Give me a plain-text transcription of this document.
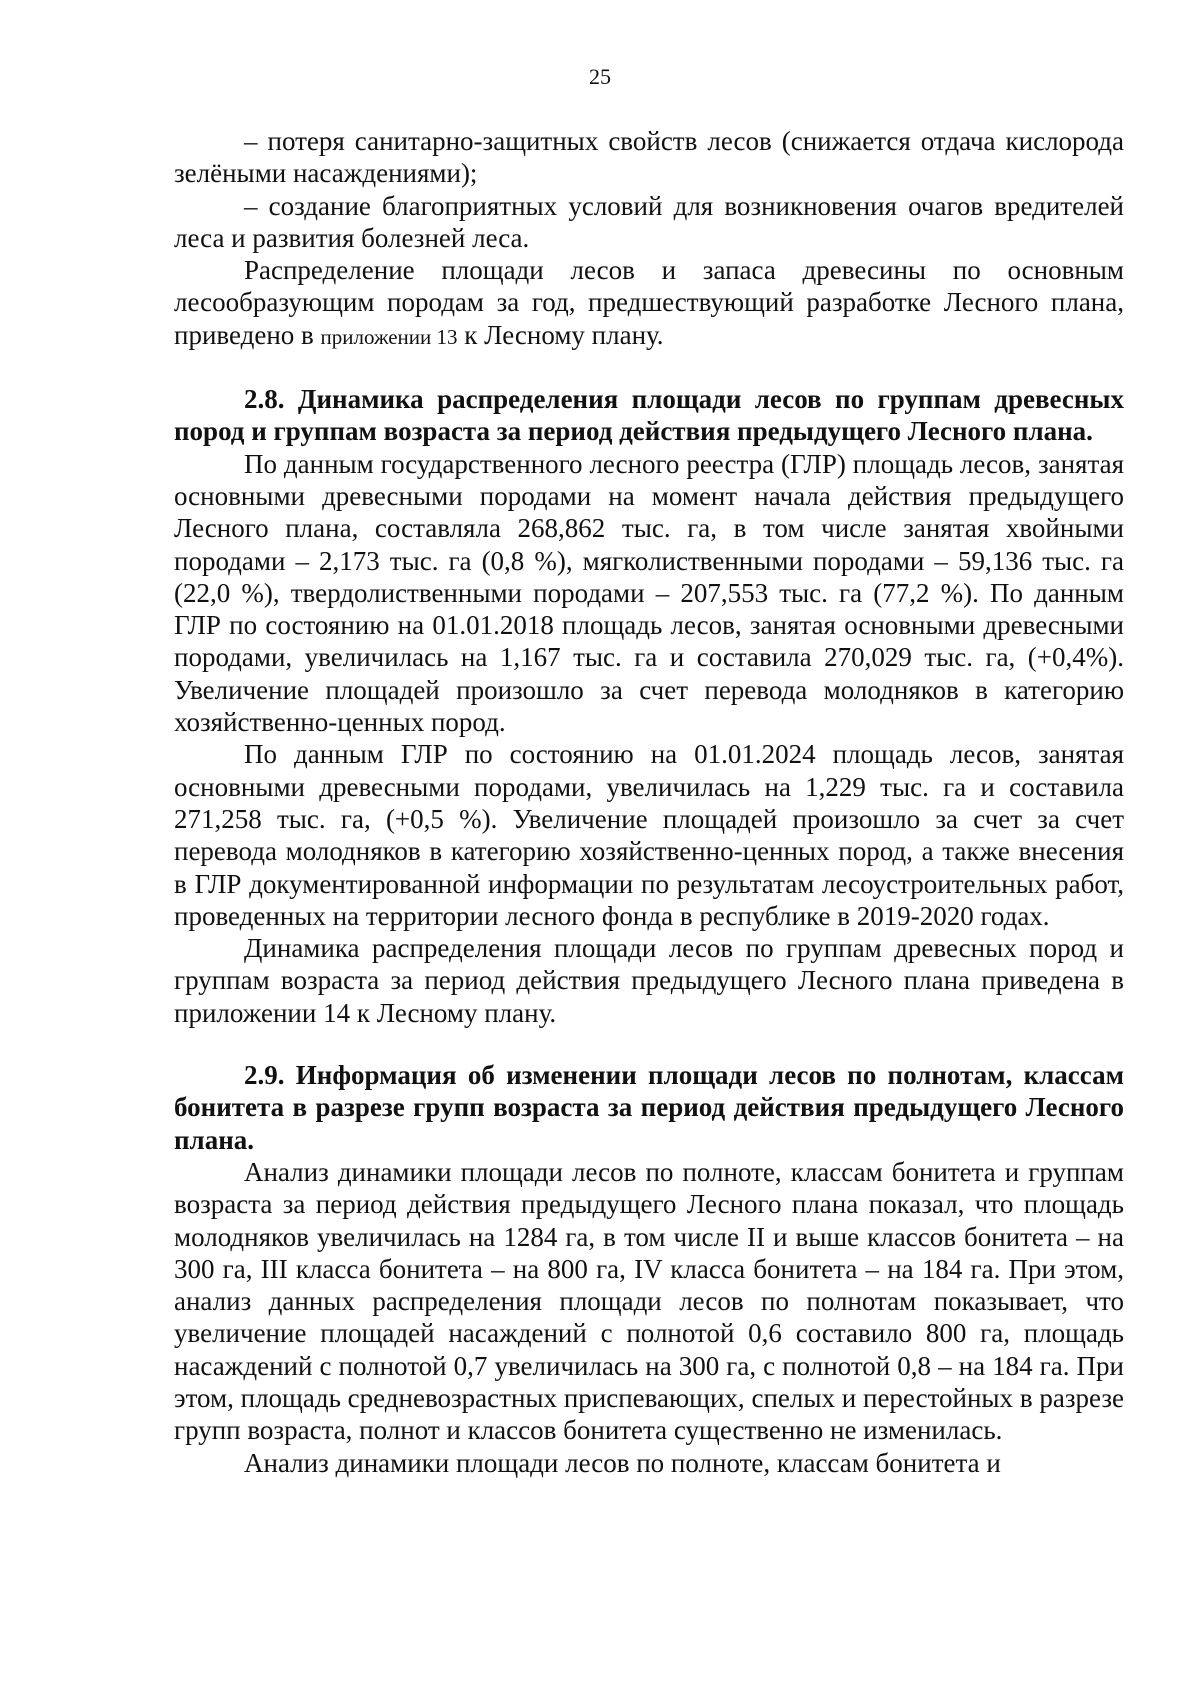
25

– потеря санитарно-защитных свойств лесов (снижается отдача кислорода зелёными насаждениями);

– создание благоприятных условий для возникновения очагов вредителей леса и развития болезней леса.

Распределение площади лесов и запаса древесины по основным лесообразующим породам за год, предшествующий разработке Лесного плана, приведено в приложении 13 к Лесному плану.

2.8. Динамика распределения площади лесов по группам древесных пород и группам возраста за период действия предыдущего Лесного плана.

По данным государственного лесного реестра (ГЛР) площадь лесов, занятая основными древесными породами на момент начала действия предыдущего Лесного плана, составляла 268,862 тыс. га, в том числе занятая хвойными породами – 2,173 тыс. га (0,8 %), мягколиственными породами – 59,136 тыс. га (22,0 %), твердолиственными породами – 207,553 тыс. га (77,2 %). По данным ГЛР по состоянию на 01.01.2018 площадь лесов, занятая основными древесными породами, увеличилась на 1,167 тыс. га и составила 270,029 тыс. га, (+0,4%). Увеличение площадей произошло за счет перевода молодняков в категорию хозяйственно-ценных пород.

По данным ГЛР по состоянию на 01.01.2024 площадь лесов, занятая основными древесными породами, увеличилась на 1,229 тыс. га и составила 271,258 тыс. га, (+0,5 %). Увеличение площадей произошло за счет за счет перевода молодняков в категорию хозяйственно-ценных пород, а также внесения в ГЛР документированной информации по результатам лесоустроительных работ, проведенных на территории лесного фонда в республике в 2019-2020 годах.

Динамика распределения площади лесов по группам древесных пород и группам возраста за период действия предыдущего Лесного плана приведена в приложении 14 к Лесному плану.

2.9. Информация об изменении площади лесов по полнотам, классам бонитета в разрезе групп возраста за период действия предыдущего Лесного плана.

Анализ динамики площади лесов по полноте, классам бонитета и группам возраста за период действия предыдущего Лесного плана показал, что площадь молодняков увеличилась на 1284 га, в том числе II и выше классов бонитета – на 300 га, III класса бонитета – на 800 га, IV класса бонитета – на 184 га. При этом, анализ данных распределения площади лесов по полнотам показывает, что увеличение площадей насаждений с полнотой 0,6 составило 800 га, площадь насаждений с полнотой 0,7 увеличилась на 300 га, с полнотой 0,8 – на 184 га. При этом, площадь средневозрастных приспевающих, спелых и перестойных в разрезе групп возраста, полнот и классов бонитета существенно не изменилась.

Анализ динамики площади лесов по полноте, классам бонитета и
